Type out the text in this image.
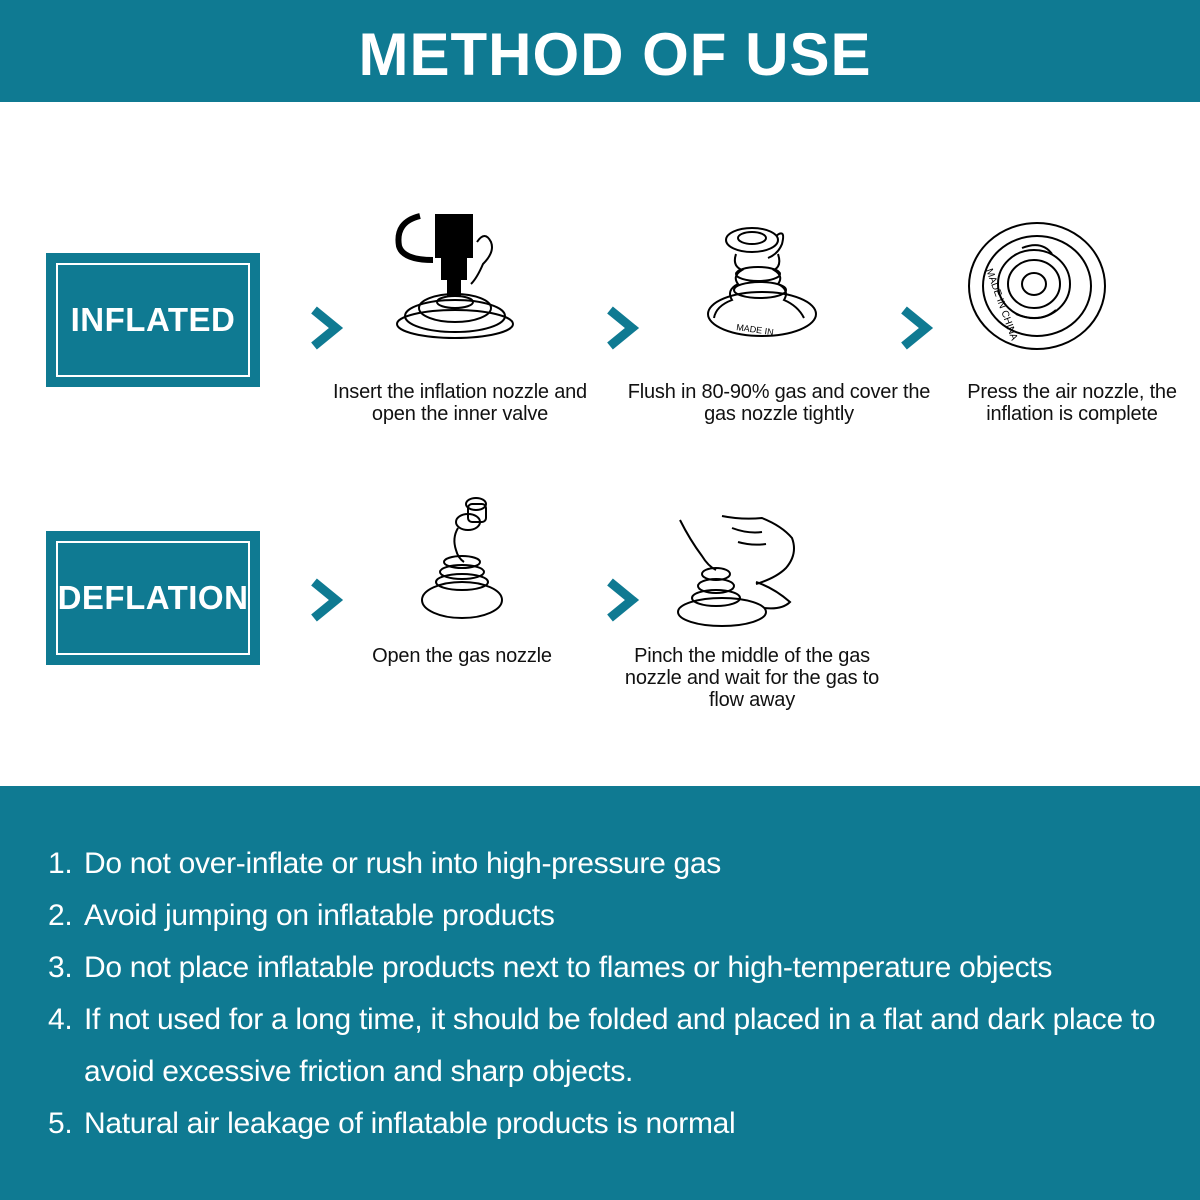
METHOD OF USE
INFLATED
Insert the inflation nozzle and open the inner valve
MADE IN
Flush in 80-90% gas and cover the gas nozzle tightly
MADE IN CHINA
Press the air nozzle, the inflation is complete
DEFLATION
Open the gas nozzle	Pinch the middle of the gas nozzle and wait for the gas to flow away
1. Do not over-inflate or rush into high-pressure gas
2. Avoid jumping on inflatable products
3. Do not place inflatable products next to flames or high-temperature objects
4. If not used for a long time, it should be folded and placed in a flat and dark place to avoid excessive friction and sharp objects.
5. Natural air leakage of inflatable products is normal
